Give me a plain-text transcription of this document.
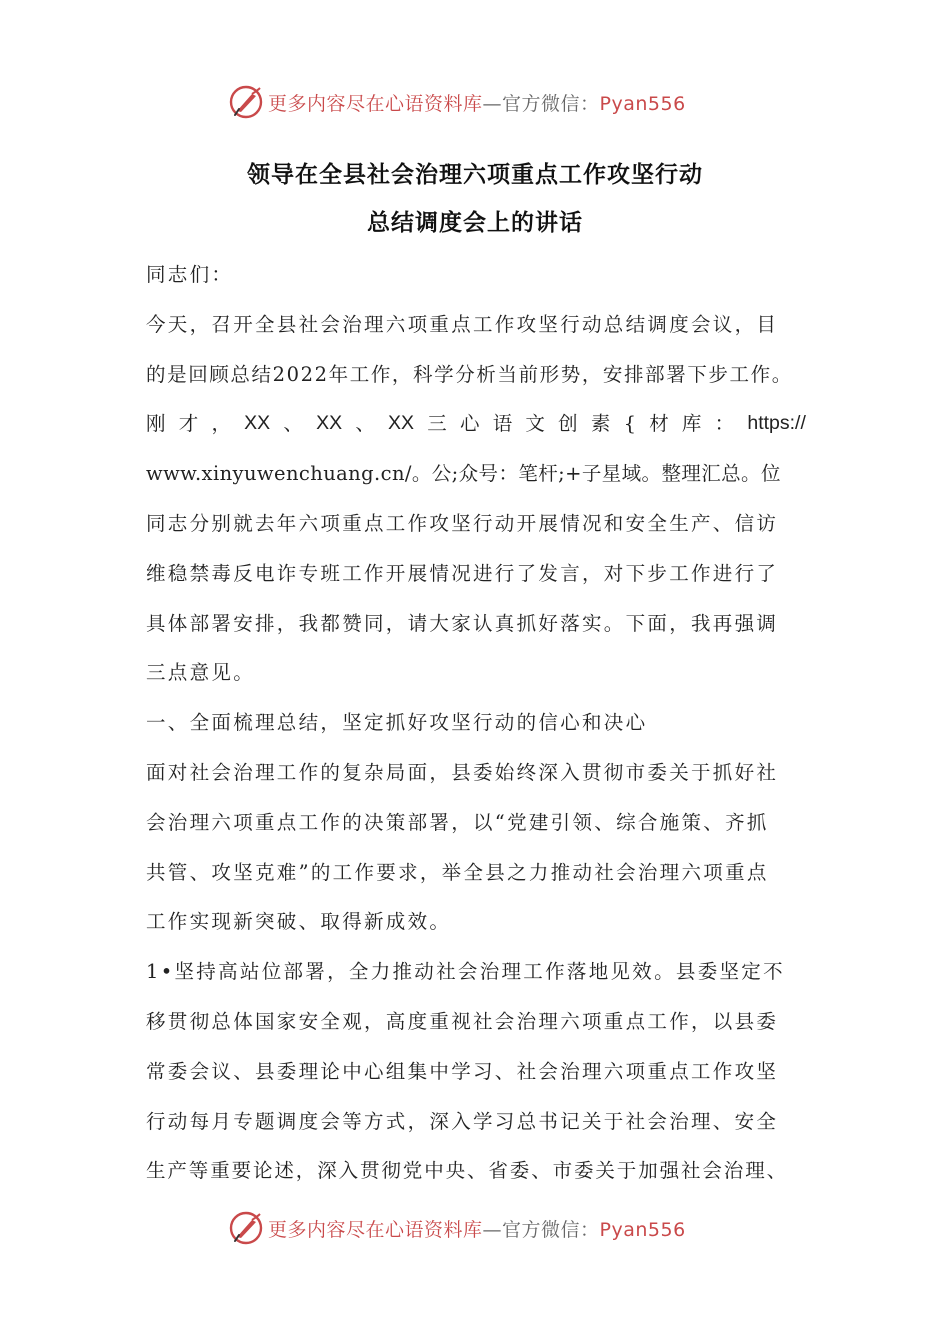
更多内容尽在心语资料库—官方微信：Pyan556
领导在全县社会治理六项重点工作攻坚行动
总结调度会上的讲话
同志们：
今天，召开全县社会治理六项重点工作攻坚行动总结调度会议，目
的是回顾总结2022年工作，科学分析当前形势，安排部署下步工作。
刚 才 ， XX 、 XX 、 XX 三 心 语 文 创 素 { 材 库 ： https://
www.xinyuwenchuang.cn/。公;众号：笔杆;+子星域。整理汇总。位
同志分别就去年六项重点工作攻坚行动开展情况和安全生产、信访
维稳禁毒反电诈专班工作开展情况进行了发言，对下步工作进行了
具体部署安排，我都赞同，请大家认真抓好落实。下面，我再强调
三点意见。
一、全面梳理总结，坚定抓好攻坚行动的信心和决心
面对社会治理工作的复杂局面，县委始终深入贯彻市委关于抓好社
会治理六项重点工作的决策部署，以“党建引领、综合施策、齐抓
共管、攻坚克难”的工作要求，举全县之力推动社会治理六项重点
工作实现新突破、取得新成效。
1•坚持高站位部署，全力推动社会治理工作落地见效。县委坚定不
移贯彻总体国家安全观，高度重视社会治理六项重点工作，以县委
常委会议、县委理论中心组集中学习、社会治理六项重点工作攻坚
行动每月专题调度会等方式，深入学习总书记关于社会治理、安全
生产等重要论述，深入贯彻党中央、省委、市委关于加强社会治理、
更多内容尽在心语资料库—官方微信：Pyan556
